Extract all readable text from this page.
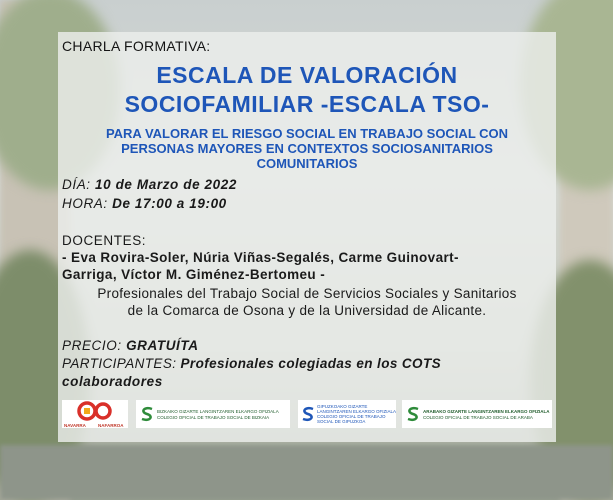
CHARLA FORMATIVA:
ESCALA DE VALORACIÓN
SOCIOFAMILIAR -ESCALA TSO-
PARA VALORAR EL RIESGO SOCIAL EN TRABAJO SOCIAL CON
PERSONAS MAYORES EN CONTEXTOS SOCIOSANITARIOS
COMUNITARIOS
DÍA: 10 de Marzo de 2022
HORA: De 17:00 a 19:00
DOCENTES:
- Eva Rovira-Soler, Núria Viñas-Segalés, Carme Guinovart-
Garriga, Víctor M. Giménez-Bertomeu -
Profesionales del Trabajo Social de Servicios Sociales y Sanitarios
de la Comarca de Osona y de la Universidad de Alicante.
PRECIO: GRATUÍTA
PARTICIPANTES: Profesionales colegiadas en los COTS
colaboradores
NAVARRA	NAFARROA
BIZKAIKO GIZARTE LANGINTZAREN ELKARGO OFIZIALA
COLEGIO OFICIAL DE TRABAJO SOCIAL DE BIZKAIA
GIPUZKOAKO GIZARTE
LANGINTZAREN ELKARGO OFIZIALA
COLEGIO OFICIAL DE TRABAJO
SOCIAL DE GIPUZKOA
ARABAKO GIZARTE LANGINTZAREN ELKARGO OFIZIALA
COLEGIO OFICIAL DE TRABAJO SOCIAL DE ARABA
